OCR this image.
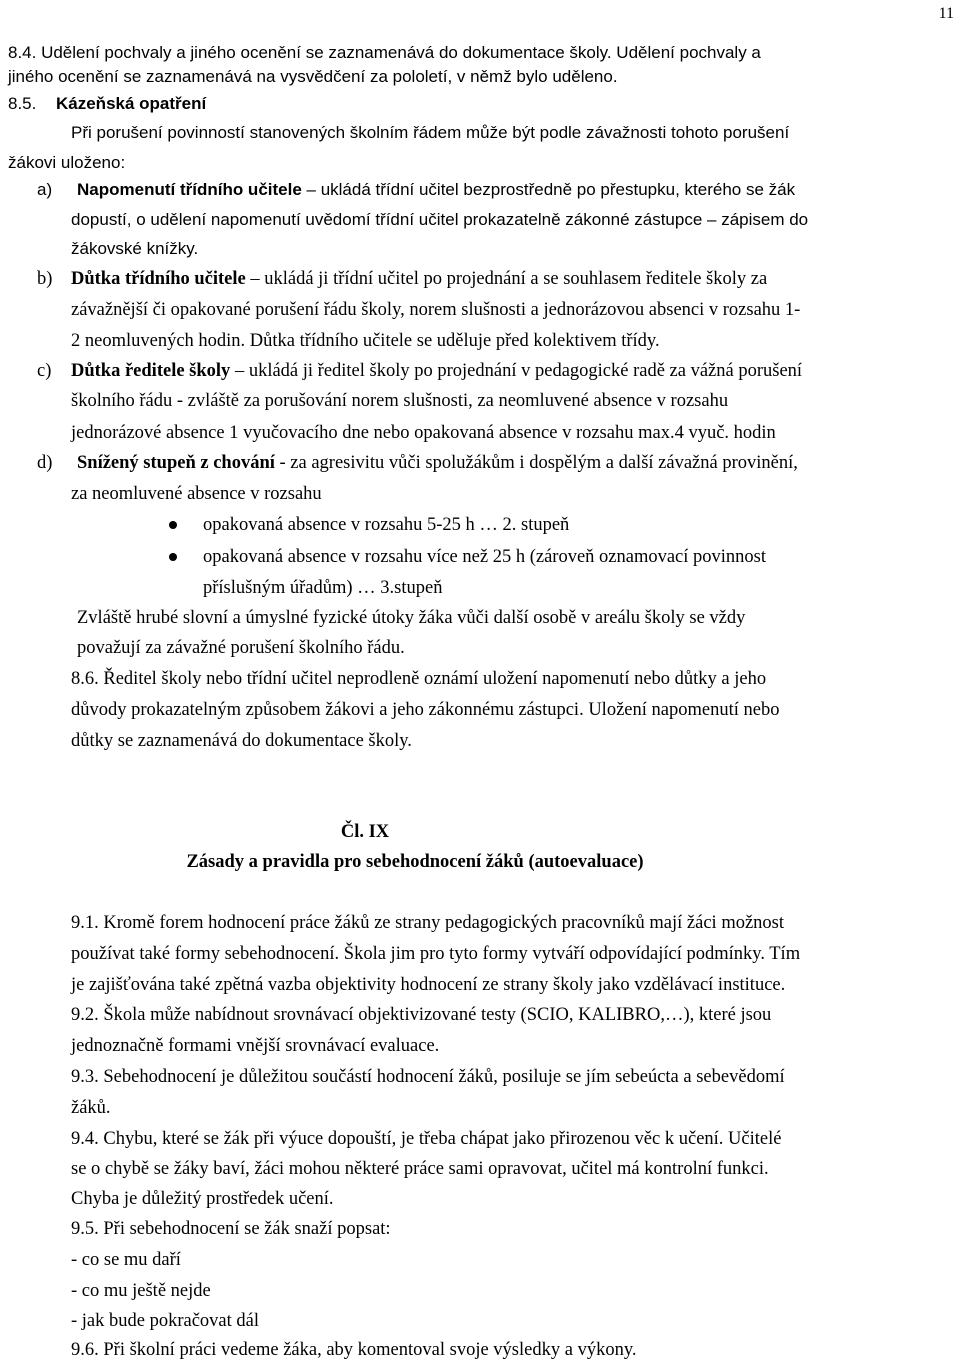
11
8.4. Udělení pochvaly a jiného ocenění se zaznamenává do dokumentace školy. Udělení pochvaly a
jiného ocenění se zaznamenává na vysvědčení za pololetí, v němž bylo uděleno.
8.5. Kázeňská opatření
Při porušení povinností stanovených školním řádem může být podle závažnosti tohoto porušení
žákovi uloženo:
a) Napomenutí třídního učitele – ukládá třídní učitel bezprostředně po přestupku, kterého se žák
dopustí, o udělení napomenutí uvědomí třídní učitel prokazatelně zákonné zástupce – zápisem do
žákovské knížky.
b) Důtka třídního učitele – ukládá ji třídní učitel po projednání a se souhlasem ředitele školy za
závažnější či opakované porušení řádu školy, norem slušnosti a jednorázovou absenci v rozsahu 1-
2 neomluvených hodin. Důtka třídního učitele se uděluje před kolektivem třídy.
c) Důtka ředitele školy – ukládá ji ředitel školy po projednání v pedagogické radě za vážná porušení
školního řádu - zvláště za porušování norem slušnosti, za neomluvené absence v rozsahu
jednorázové absence 1 vyučovacího dne nebo opakovaná absence v rozsahu max.4 vyuč. hodin
d) Snížený stupeň z chování - za agresivitu vůči spolužákům i dospělým a další závažná provinění,
za neomluvené absence v rozsahu
opakovaná absence v rozsahu 5-25 h … 2. stupeň
opakovaná absence v rozsahu více než 25 h (zároveň oznamovací povinnost
příslušným úřadům) … 3.stupeň
Zvláště hrubé slovní a úmyslné fyzické útoky žáka vůči další osobě v areálu školy se vždy
považují za závažné porušení školního řádu.
8.6. Ředitel školy nebo třídní učitel neprodleně oznámí uložení napomenutí nebo důtky a jeho
důvody prokazatelným způsobem žákovi a jeho zákonnému zástupci. Uložení napomenutí nebo
důtky se zaznamenává do dokumentace školy.
Čl. IX
Zásady a pravidla pro sebehodnocení žáků (autoevaluace)
9.1. Kromě forem hodnocení práce žáků ze strany pedagogických pracovníků mají žáci možnost
používat také formy sebehodnocení. Škola jim pro tyto formy vytváří odpovídající podmínky. Tím
je zajišťována také zpětná vazba objektivity hodnocení ze strany školy jako vzdělávací instituce.
9.2. Škola může nabídnout srovnávací objektivizované testy (SCIO, KALIBRO,…), které jsou
jednoznačně formami vnější srovnávací evaluace.
9.3. Sebehodnocení je důležitou součástí hodnocení žáků, posiluje se jím sebeúcta a sebevědomí
žáků.
9.4. Chybu, které se žák při výuce dopouští, je třeba chápat jako přirozenou věc k učení. Učitelé
se o chybě se žáky baví, žáci mohou některé práce sami opravovat, učitel má kontrolní funkci.
Chyba je důležitý prostředek učení.
9.5. Při sebehodnocení se žák snaží popsat:
- co se mu daří
- co mu ještě nejde
- jak bude pokračovat dál
9.6. Při školní práci vedeme žáka, aby komentoval svoje výsledky a výkony.
